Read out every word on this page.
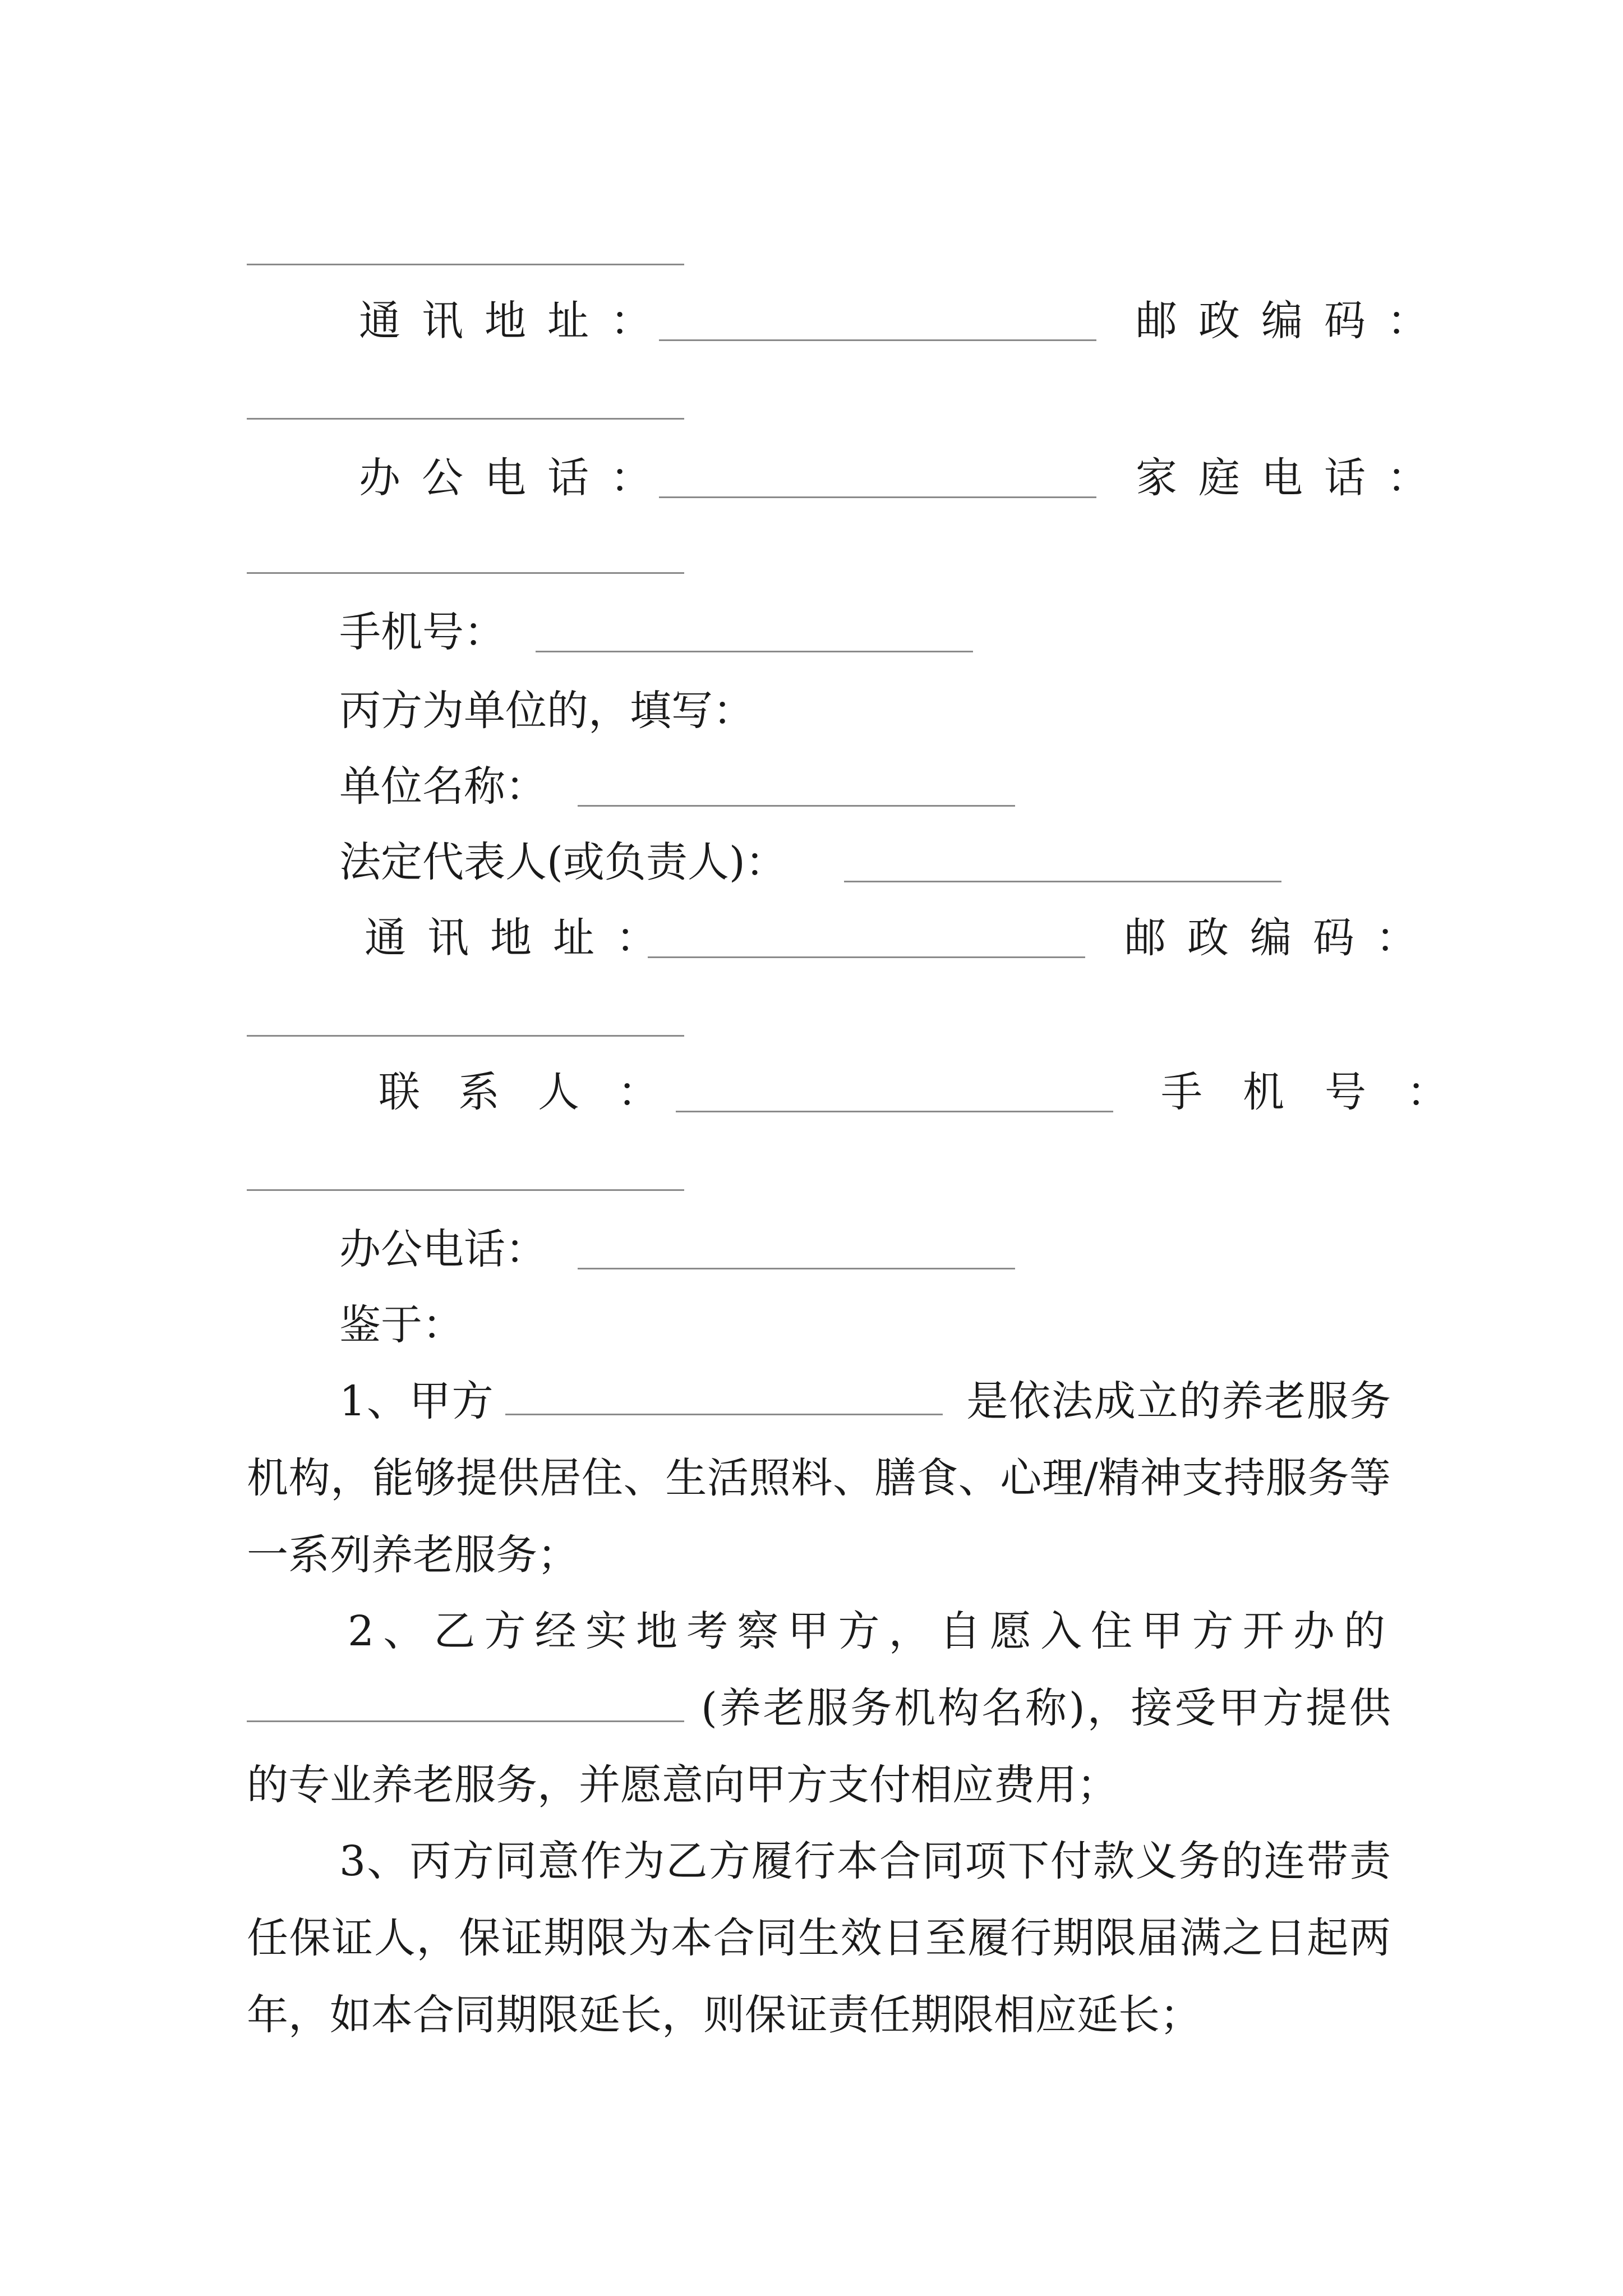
通讯地址：	邮政编码：
办公电话：	家庭电话：
手机号：
丙方为单位的，填写：
单位名称：
法定代表人(或负责人)：
通讯地址：	邮政编码：
联系人：	手机号：
办公电话：
鉴于：
1、甲方	是依法成立的养老服务机构，能够提供居住、生活照料、膳食、心理/精神支持服务等一系列养老服务；
2、乙方经实地考察甲方，自愿入住甲方开办的(养老服务机构名称)，接受甲方提供的专业养老服务，并愿意向甲方支付相应费用；
3、丙方同意作为乙方履行本合同项下付款义务的连带责任保证人，保证期限为本合同生效日至履行期限届满之日起两年，如本合同期限延长，则保证责任期限相应延长；
